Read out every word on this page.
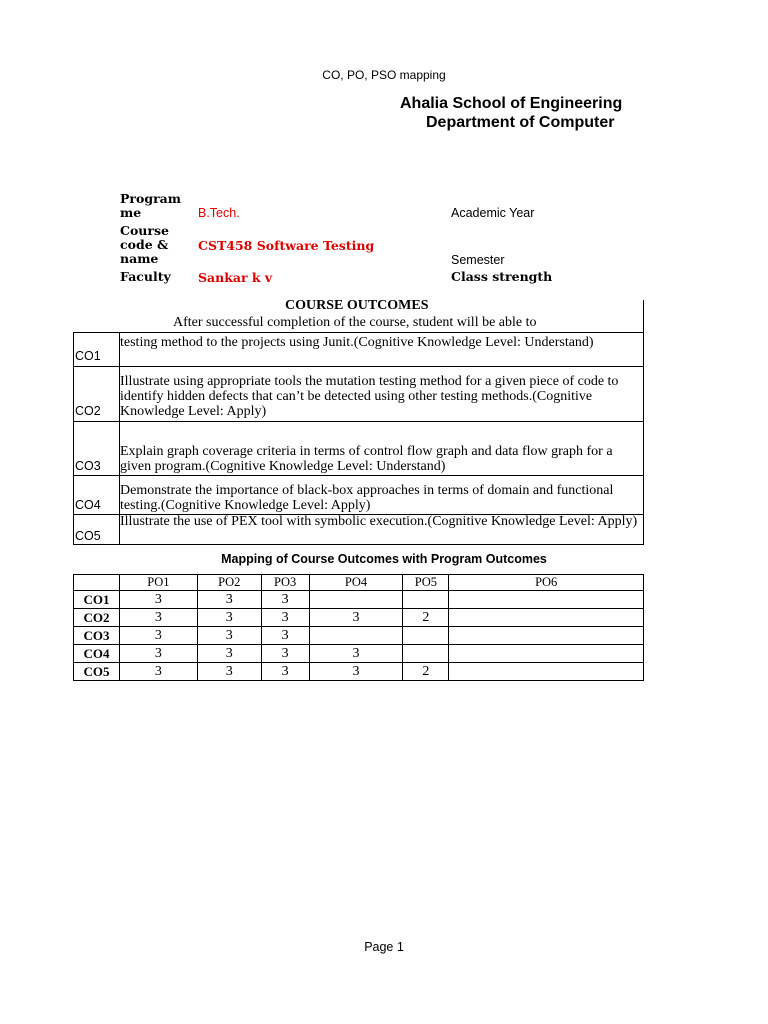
CO, PO, PSO mapping
Ahalia School of Engineering
Department of Computer
Program
me	B.Tech.	Academic Year
Course
code & CST458 Software Testing
name	Semester
Faculty Sankar k v	Class strength
COURSE OUTCOMES
After successful completion of the course, student will be able to
CO1
testing method to the projects using Junit.(Cognitive Knowledge Level: Understand)
CO2
Illustrate using appropriate tools the mutation testing method for a given piece of code to identify hidden defects that can’t be detected using other testing methods.(Cognitive Knowledge Level: Apply)
CO3
Explain graph coverage criteria in terms of control flow graph and data flow graph for a given program.(Cognitive Knowledge Level: Understand)
CO4
Demonstrate the importance of black-box approaches in terms of domain and functional testing.(Cognitive Knowledge Level: Apply)
CO5
Illustrate the use of PEX tool with symbolic execution.(Cognitive Knowledge Level: Apply)
Mapping of Course Outcomes with Program Outcomes
	PO1	PO2	PO3	PO4	PO5	PO6
CO1	3	3	3			
CO2	3	3	3	3	2	
CO3	3	3	3			
CO4	3	3	3	3		
CO5	3	3	3	3	2	
Page 1
